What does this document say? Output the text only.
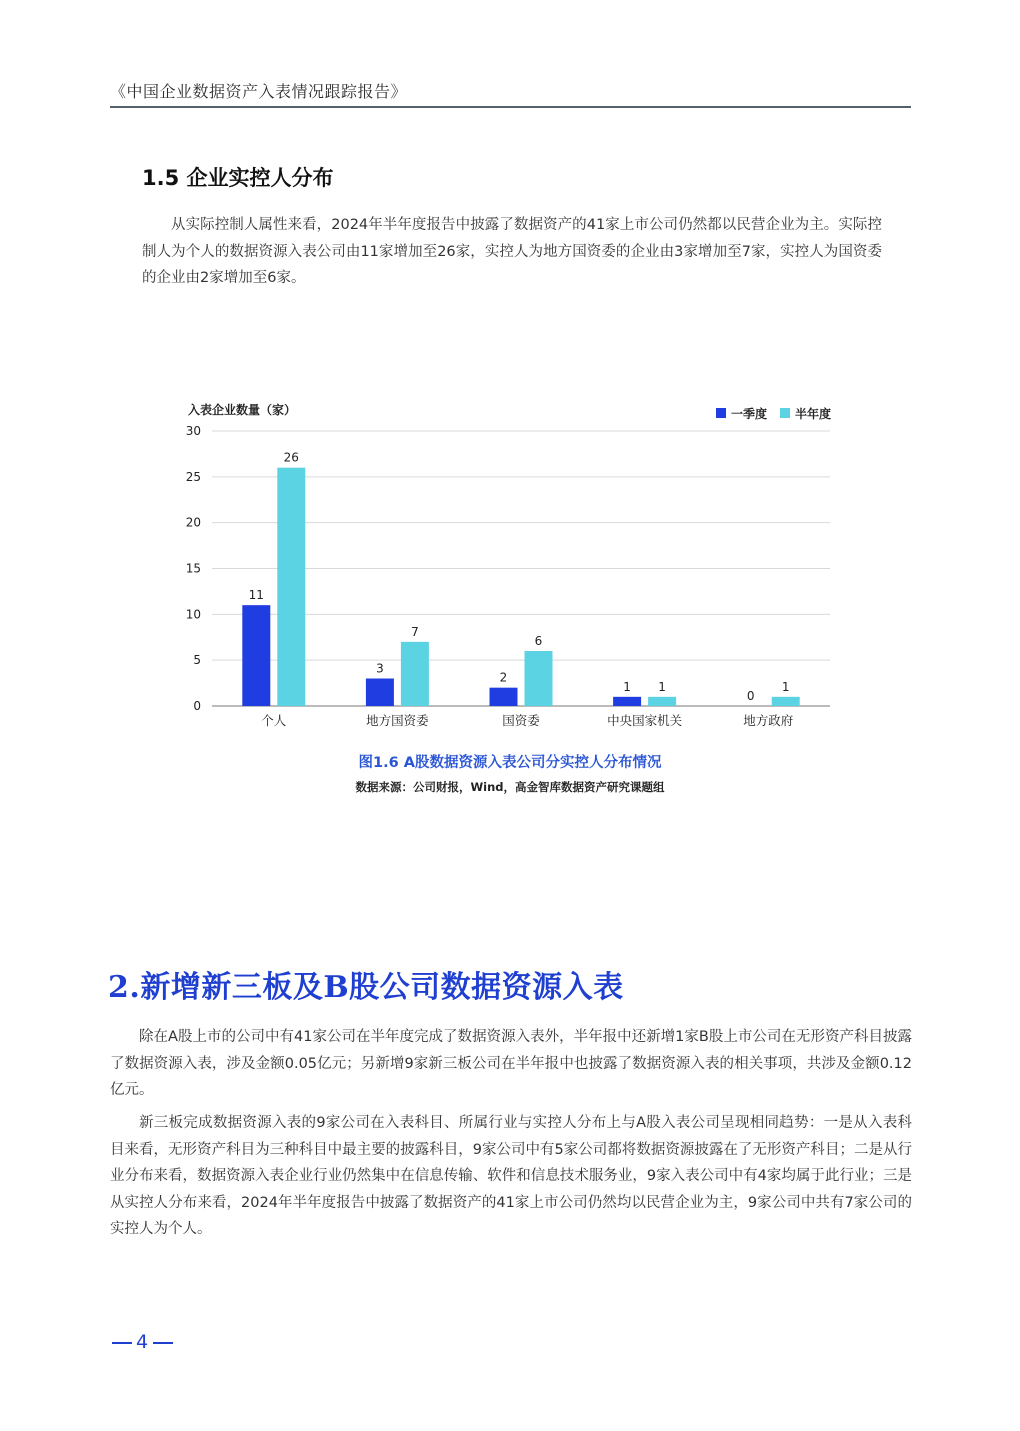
《中国企业数据资产入表情况跟踪报告》
1.5 企业实控人分布

从实际控制人属性来看，2024年半年度报告中披露了数据资产的41家上市公司仍然都以民营企业为主。实际控制人为个人的数据资源入表公司由11家增加至26家，实控人为地方国资委的企业由3家增加至7家，实控人为国资委的企业由2家增加至6家。

入表企业数量（家）
0
5
10
15
20
25
30
11
26
个人
3
7
地方国资委
2
6
国资委
1 1
中央国家机关
0
1
地方政府
一季度 半年度
图1.6 A股数据资源入表公司分实控人分布情况
数据来源：公司财报，Wind，高金智库数据资产研究课题组
2.新增新三板及B股公司数据资源入表

除在A股上市的公司中有41家公司在半年度完成了数据资源入表外，半年报中还新增1家B股上市公司在无形资产科目披露了数据资源入表，涉及金额0.05亿元；另新增9家新三板公司在半年报中也披露了数据资源入表的相关事项，共涉及金额0.12亿元。

新三板完成数据资源入表的9家公司在入表科目、所属行业与实控人分布上与A股入表公司呈现相同趋势：一是从入表科目来看，无形资产科目为三种科目中最主要的披露科目，9家公司中有5家公司都将数据资源披露在了无形资产科目；二是从行业分布来看，数据资源入表企业行业仍然集中在信息传输、软件和信息技术服务业，9家入表公司中有4家均属于此行业；三是从实控人分布来看，2024年半年度报告中披露了数据资产的41家上市公司仍然均以民营企业为主，9家公司中共有7家公司的实控人为个人。

4
